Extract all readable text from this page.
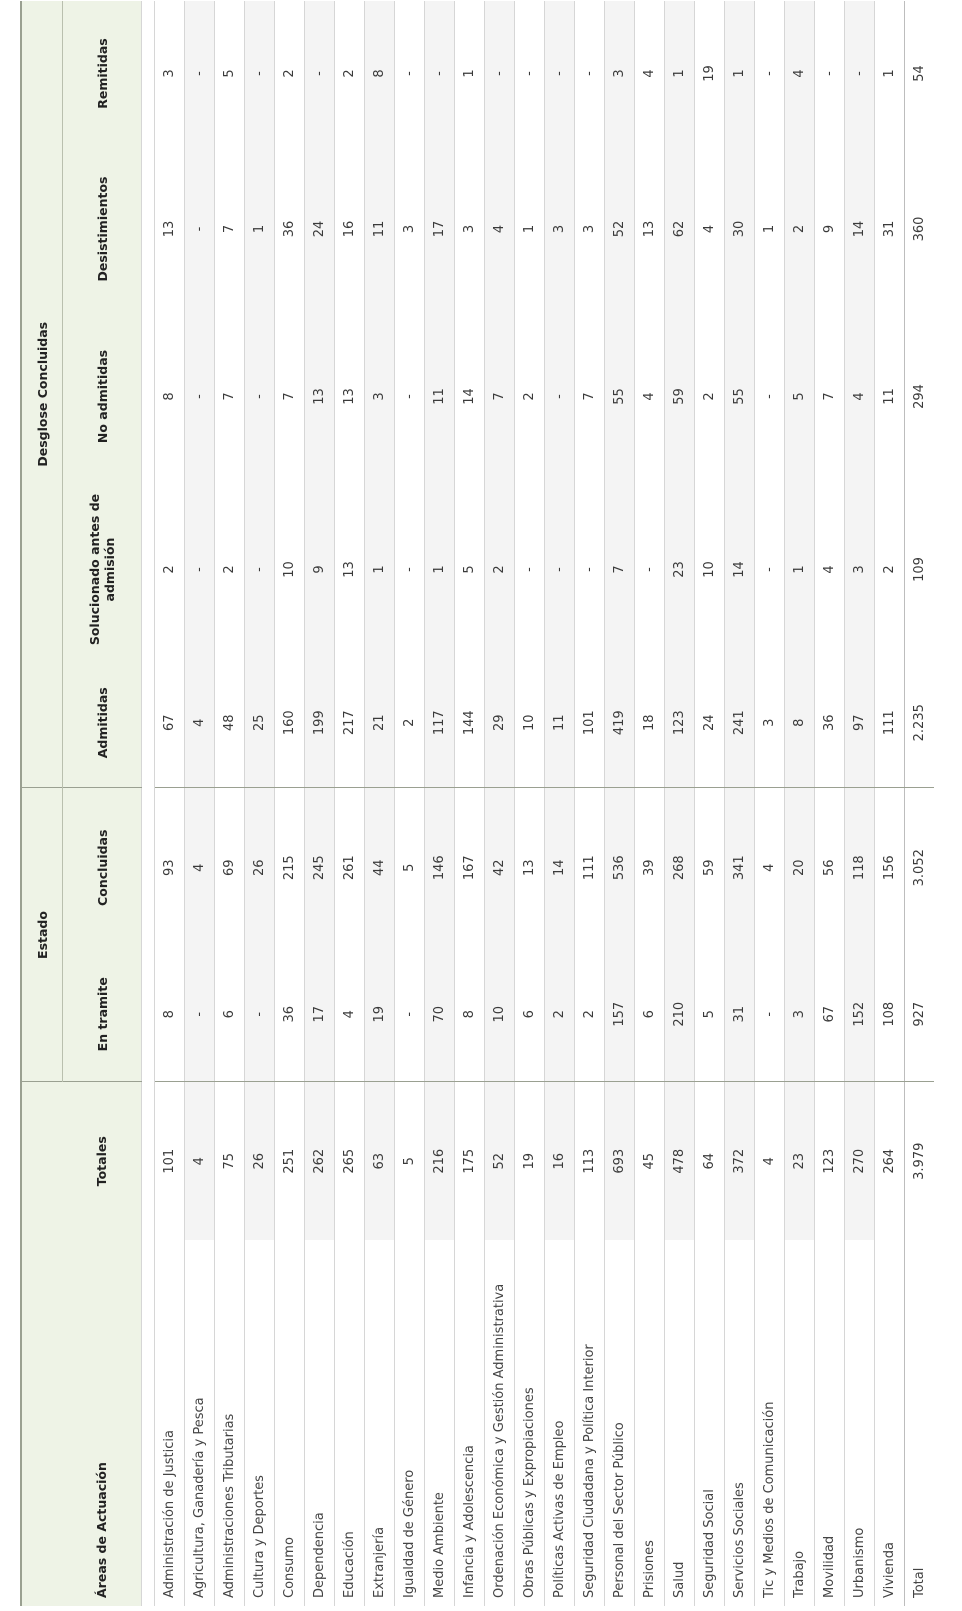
		Estado		Desglose Concluidas				
Áreas de Actuación	Totales	En tramite	Concluidas	Admitidas	Solucionado antes de admisión	No admitidas	Desistimientos	Remitidas

Administración de Justicia	101	8	93	67	2	8	13	3
Agricultura, Ganadería y Pesca	4	-	4	4	-	-	-	-
Administraciones Tributarias	75	6	69	48	2	7	7	5
Cultura y Deportes	26	-	26	25	-	-	1	-
Consumo	251	36	215	160	10	7	36	2
Dependencia	262	17	245	199	9	13	24	-
Educación	265	4	261	217	13	13	16	2
Extranjería	63	19	44	21	1	3	11	8
Igualdad de Género	5	-	5	2	-	-	3	-
Medio Ambiente	216	70	146	117	1	11	17	-
Infancia y Adolescencia	175	8	167	144	5	14	3	1
Ordenación Económica y Gestión Administrativa	52	10	42	29	2	7	4	-
Obras Públicas y Expropiaciones	19	6	13	10	-	2	1	-
Políticas Activas de Empleo	16	2	14	11	-	-	3	-
Seguridad Ciudadana y Política Interior	113	2	111	101	-	7	3	-
Personal del Sector Público	693	157	536	419	7	55	52	3
Prisiones	45	6	39	18	-	4	13	4
Salud	478	210	268	123	23	59	62	1
Seguridad Social	64	5	59	24	10	2	4	19
Servicios Sociales	372	31	341	241	14	55	30	1
Tic y Medios de Comunicación	4	-	4	3	-	-	1	-
Trabajo	23	3	20	8	1	5	2	4
Movilidad	123	67	56	36	4	7	9	-
Urbanismo	270	152	118	97	3	4	14	-
Vivienda	264	108	156	111	2	11	31	1
Total	3.979	927	3.052	2.235	109	294	360	54
